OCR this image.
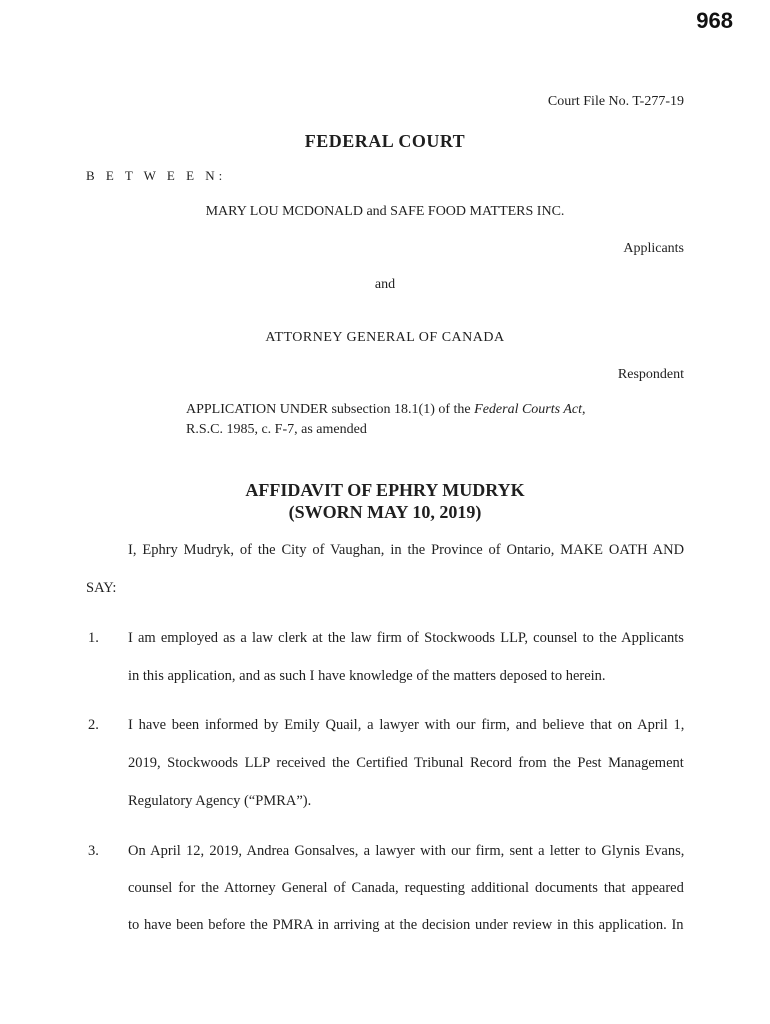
968
Court File No. T-277-19
FEDERAL COURT
B E T W E E N:
MARY LOU MCDONALD and SAFE FOOD MATTERS INC.
Applicants
and
ATTORNEY GENERAL OF CANADA
Respondent
APPLICATION UNDER subsection 18.1(1) of the Federal Courts Act, R.S.C. 1985, c. F-7, as amended
AFFIDAVIT OF EPHRY MUDRYK
(SWORN MAY 10, 2019)
I, Ephry Mudryk, of the City of Vaughan, in the Province of Ontario, MAKE OATH AND
SAY:
1. I am employed as a law clerk at the law firm of Stockwoods LLP, counsel to the Applicants
in this application, and as such I have knowledge of the matters deposed to herein.
2. I have been informed by Emily Quail, a lawyer with our firm, and believe that on April 1,
2019, Stockwoods LLP received the Certified Tribunal Record from the Pest Management
Regulatory Agency (“PMRA”).
3. On April 12, 2019, Andrea Gonsalves, a lawyer with our firm, sent a letter to Glynis Evans,
counsel for the Attorney General of Canada, requesting additional documents that appeared
to have been before the PMRA in arriving at the decision under review in this application. In
